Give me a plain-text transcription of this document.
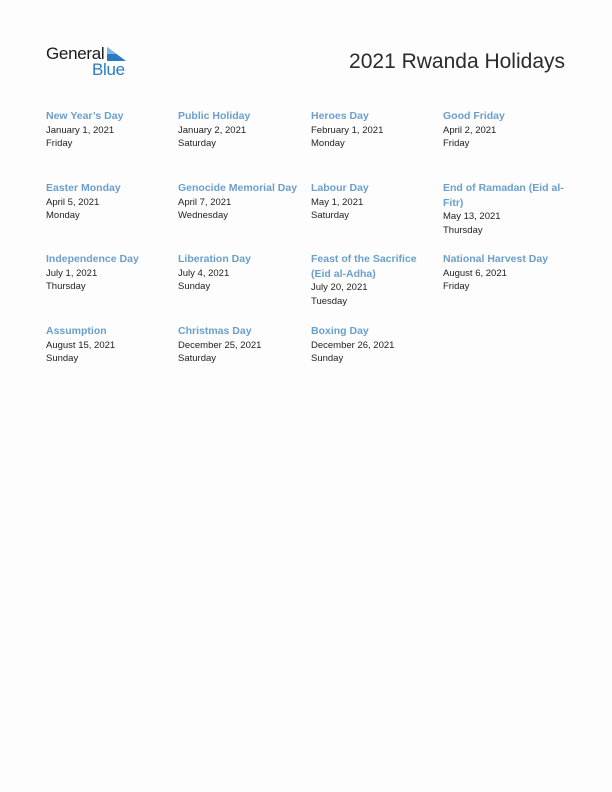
General
Blue	2021 Rwanda Holidays
New Year’s Day
January 1, 2021
Friday
Public Holiday
January 2, 2021
Saturday
Heroes Day
February 1, 2021
Monday
Good Friday
April 2, 2021
Friday
Easter Monday
April 5, 2021
Monday
Genocide Memorial Day
April 7, 2021
Wednesday
Labour Day
May 1, 2021
Saturday
End of Ramadan (Eid al-Fitr)
May 13, 2021
Thursday
Independence Day
July 1, 2021
Thursday
Liberation Day
July 4, 2021
Sunday
Feast of the Sacrifice (Eid al-Adha)
July 20, 2021
Tuesday
National Harvest Day
August 6, 2021
Friday
Assumption
August 15, 2021
Sunday
Christmas Day
December 25, 2021
Saturday
Boxing Day
December 26, 2021
Sunday
